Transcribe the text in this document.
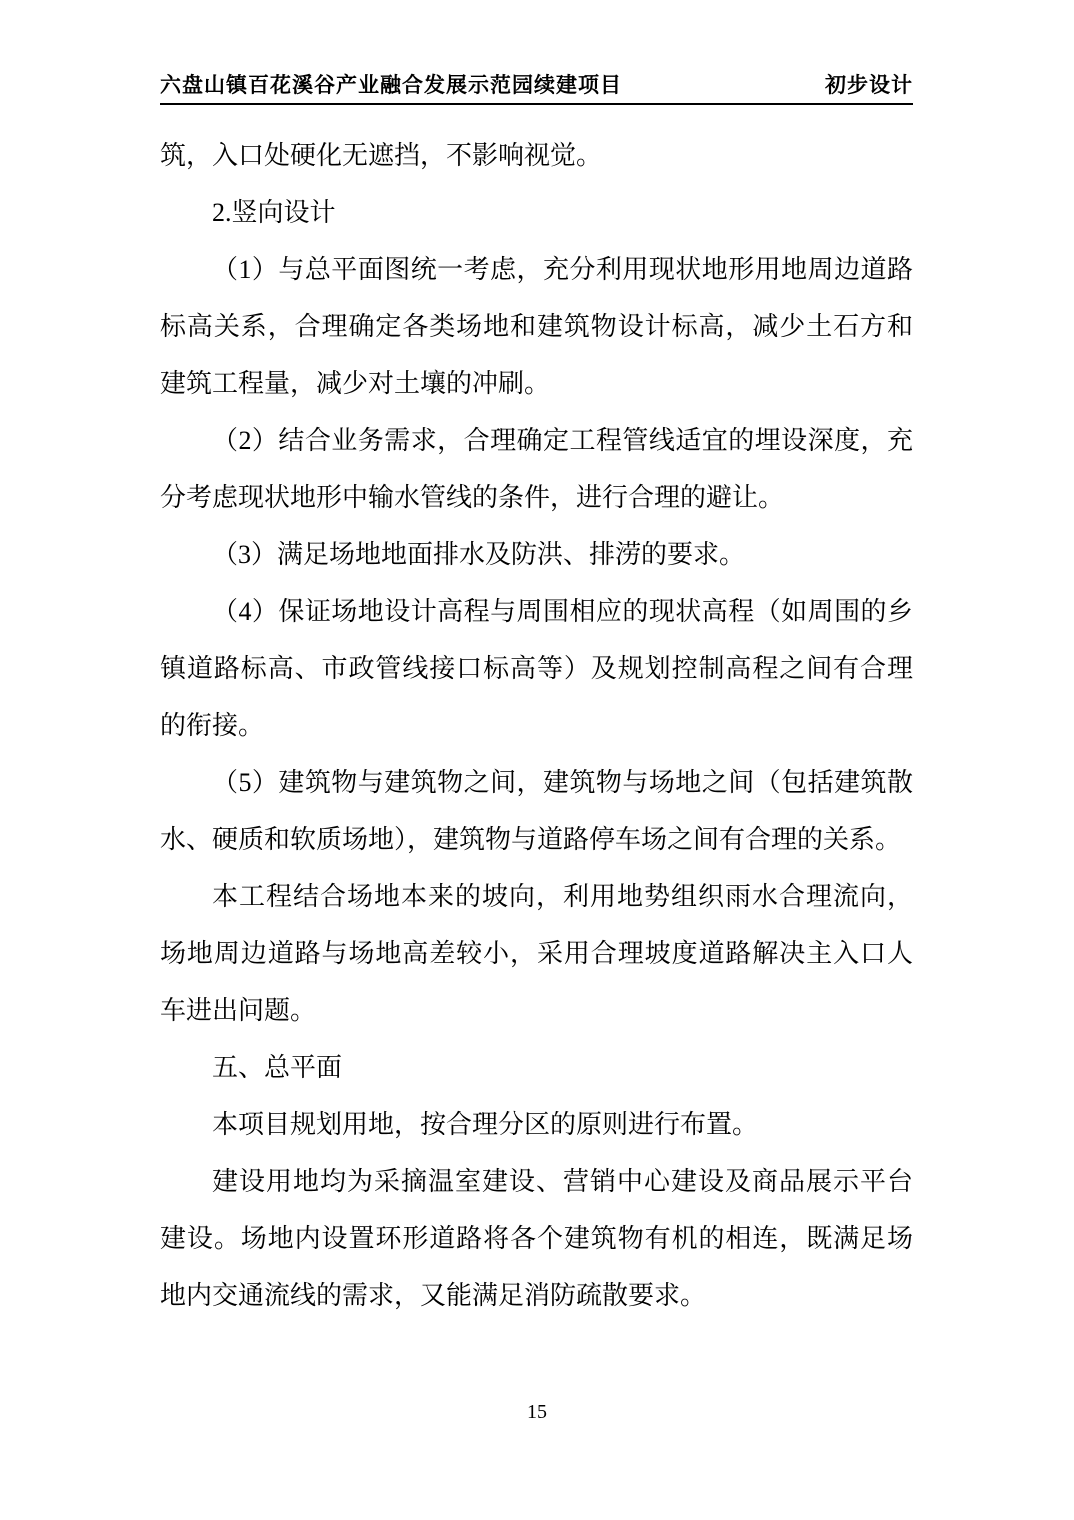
六盘山镇百花溪谷产业融合发展示范园续建项目	初步设计

筑，入口处硬化无遮挡，不影响视觉。

2.竖向设计

（1）与总平面图统一考虑，充分利用现状地形用地周边道路标高关系，合理确定各类场地和建筑物设计标高，减少土石方和建筑工程量，减少对土壤的冲刷。

（2）结合业务需求，合理确定工程管线适宜的埋设深度，充分考虑现状地形中输水管线的条件，进行合理的避让。

（3）满足场地地面排水及防洪、排涝的要求。

（4）保证场地设计高程与周围相应的现状高程（如周围的乡镇道路标高、市政管线接口标高等）及规划控制高程之间有合理的衔接。

（5）建筑物与建筑物之间，建筑物与场地之间（包括建筑散水、硬质和软质场地），建筑物与道路停车场之间有合理的关系。

本工程结合场地本来的坡向，利用地势组织雨水合理流向，场地周边道路与场地高差较小，采用合理坡度道路解决主入口人车进出问题。

五、总平面

本项目规划用地，按合理分区的原则进行布置。

建设用地均为采摘温室建设、营销中心建设及商品展示平台建设。场地内设置环形道路将各个建筑物有机的相连，既满足场地内交通流线的需求，又能满足消防疏散要求。

15
